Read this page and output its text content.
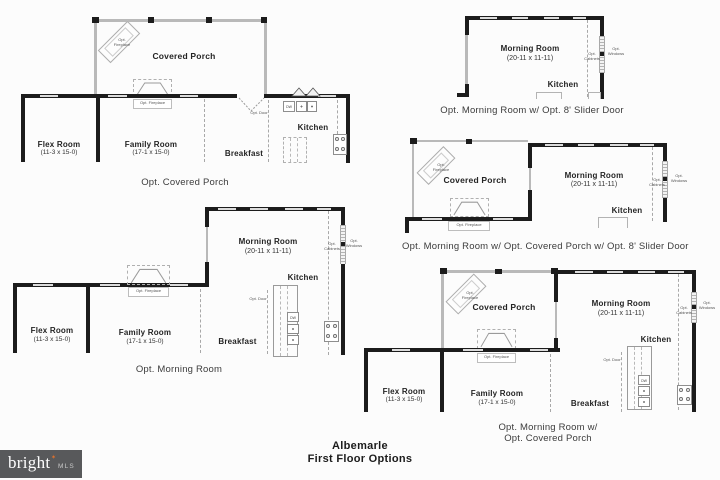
Opt. Fireplace
Covered Porch
Opt. Fireplace
Opt. Door
DW
Flex Room
(11-3 x 15-0)
Family Room
(17-1 x 15-0)	Breakfast
Kitchen
Opt. Covered Porch
Morning Room
(20-11 x 11-11)
Kitchen
Opt. Cabinets
Opt. Windows
Opt. Morning Room w/ Opt. 8' Slider Door
Opt. Fireplace
Covered Porch
Opt. Fireplace
Morning Room
(20-11 x 11-11)
Kitchen
Opt. Cabinets
Opt. Windows
Opt. Morning Room w/ Opt. Covered Porch w/ Opt. 8' Slider Door
Opt. Fireplace
DW
Opt. Door
Morning Room
(20-11 x 11-11)
Kitchen
Opt. Cabinets
Opt. Windows
Flex Room
(11-3 x 15-0)
Family Room
(17-1 x 15-0)	Breakfast
Opt. Morning Room
Opt. Fireplace
Covered Porch
Opt. Fireplace
DW
Opt. Door
Morning Room
(20-11 x 11-11)
Kitchen
Opt. Cabinets
Opt. Windows
Flex Room
(11-3 x 15-0)
Family Room
(17-1 x 15-0)	Breakfast
Opt. Morning Room w/
Opt. Covered Porch
Albemarle
First Floor Options
bright ✶
MLS
